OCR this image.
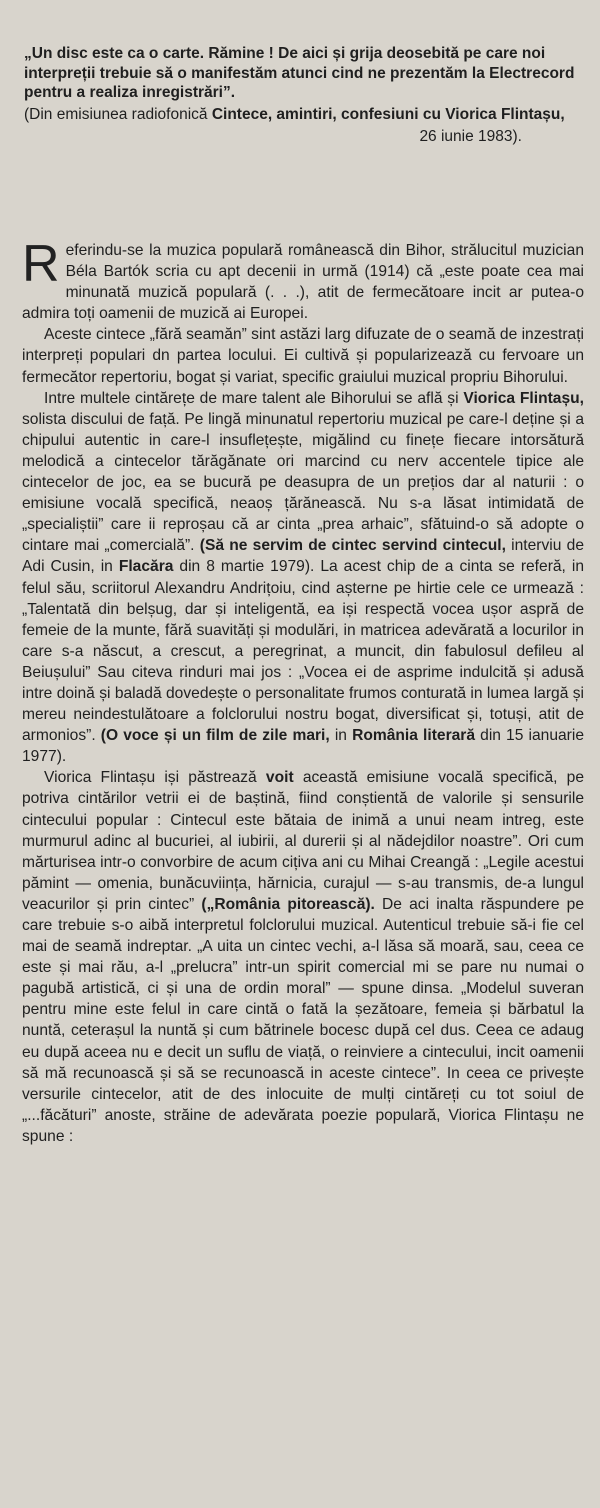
„Un disc este ca o carte. Rămine ! De aici și grija deosebită pe care noi interpreții trebuie să o manifestăm atunci cind ne prezentăm la Electrecord pentru a realiza inregistrări”.
(Din emisiunea radiofonică Cintece, amintiri, confesiuni cu Viorica Flintașu,
26 iunie 1983).

Referindu-se la muzica populară românească din Bihor, strălucitul muzician Béla Bartók scria cu apt decenii in urmă (1914) că „este poate cea mai minunată muzică populară (. . .), atit de fermecătoare incit ar putea-o admira toți oamenii de muzică ai Europei.

Aceste cintece „fără seamăn” sint astăzi larg difuzate de o seamă de inzestrați interpreți populari dn partea locului. Ei cultivă și popularizează cu fervoare un fermecător repertoriu, bogat și variat, specific graiului muzical propriu Bihorului.

Intre multele cintărețe de mare talent ale Bihorului se află și Viorica Flintașu, solista discului de față. Pe lingă minunatul repertoriu muzical pe care-l deține și a chipului autentic in care-l insuflețește, migălind cu finețe fiecare intorsătură melodică a cintecelor tărăgănate ori marcind cu nerv accentele tipice ale cintecelor de joc, ea se bucură pe deasupra de un prețios dar al naturii : o emisiune vocală specifică, neaoș țărănească. Nu s-a lăsat intimidată de „specialiștii” care ii reproșau că ar cinta „prea arhaic”, sfătuind-o să adopte o cintare mai „comercială”. (Să ne servim de cintec servind cintecul, interviu de Adi Cusin, in Flacăra din 8 martie 1979). La acest chip de a cinta se referă, in felul său, scriitorul Alexandru Andrițoiu, cind așterne pe hirtie cele ce urmează : „Talentată din belșug, dar și inteligentă, ea iși respectă vocea ușor aspră de femeie de la munte, fără suavități și modulări, in matricea adevărată a locurilor in care s-a născut, a crescut, a peregrinat, a muncit, din fabulosul defileu al Beiușului” Sau citeva rinduri mai jos : „Vocea ei de asprime indulcită și adusă intre doină și baladă dovedește o personalitate frumos conturată in lumea largă și mereu neindestulătoare a folclorului nostru bogat, diversificat și, totuși, atit de armonios”. (O voce și un film de zile mari, in România literară din 15 ianuarie 1977).

Viorica Flintașu iși păstrează voit această emisiune vocală specifică, pe potriva cintărilor vetrii ei de baștină, fiind conștientă de valorile și sensurile cintecului popular : Cintecul este bătaia de inimă a unui neam intreg, este murmurul adinc al bucuriei, al iubirii, al durerii și al nădejdilor noastre”. Ori cum mărturisea intr-o convorbire de acum cițiva ani cu Mihai Creangă : „Legile acestui pămint — omenia, bunăcuviința, hărnicia, curajul — s-au transmis, de-a lungul veacurilor și prin cintec” („România pitorească). De aci inalta răspundere pe care trebuie s-o aibă interpretul folclorului muzical. Autenticul trebuie să-i fie cel mai de seamă indreptar. „A uita un cintec vechi, a-l lăsa să moară, sau, ceea ce este și mai rău, a-l „prelucra” intr-un spirit comercial mi se pare nu numai o pagubă artistică, ci și una de ordin moral” — spune dinsa. „Modelul suveran pentru mine este felul in care cintă o fată la șezătoare, femeia și bărbatul la nuntă, ceterașul la nuntă și cum bătrinele bocesc după cel dus. Ceea ce adaug eu după aceea nu e decit un suflu de viață, o reinviere a cintecului, incit oamenii să mă recunoască și să se recunoască in aceste cintece”. In ceea ce privește versurile cintecelor, atit de des inlocuite de mulți cintăreți cu tot soiul de „...făcături” anoste, străine de adevărata poezie populară, Viorica Flintașu ne spune :
